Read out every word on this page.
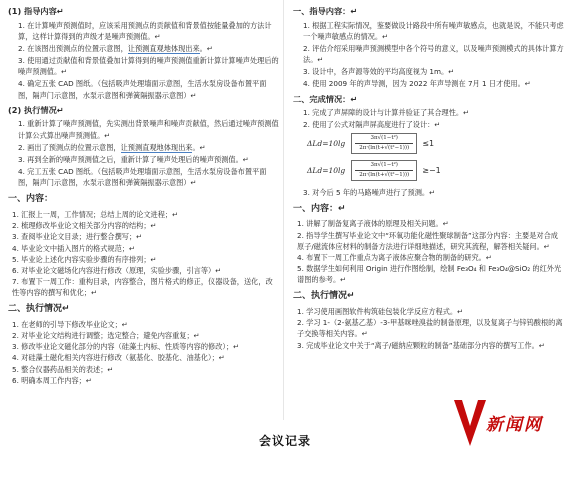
(1) 指导内容↵

1. 在计算噪声预测值时，应该采用预测点的贡献值和背景值按能量叠加的方法计算，这样计算得到的声级才是噪声预测值。↵

2. 在该图出预测点的位置示意图，让预测直观地体现出来。↵

3. 使用通过贡献值和背景值叠加计算得到的噪声预测值重新计算计算噪声处理后的噪声预测值。↵

4. 确定五张 CAD 图纸。（包括吸声处理墙面示意图，生活水泵房设备布置平面图，隔声门示意图，水泵示意图和弹簧隔振器示意图）↵

(2) 执行情况↵

1. 重新计算了噪声预测值，先实测出背景噪声和噪声贡献值，然后通过噪声预测值计算公式算出噪声预测值。↵

2. 画出了预测点的位置示意图，让预测直观地体现出来。↵

3. 再到全新的噪声预测值之后，重新计算了噪声处理后的噪声预测值。↵

4. 完工五张 CAD 图纸。（包括吸声处理墙面示意图，生活水泵房设备布置平面图，隔声门示意图，水泵示意图和弹簧隔振器示意图）↵

一、内容：

1. 汇报上一周，工作情况；总结上周的论文进程；↵

2. 梳理修改毕业论文相关部分内容的结构；↵

3. 查阅毕业论文目录；进行整合撰写；↵

4. 毕业论文中插入图片的格式规范；↵

5. 毕业论上述化内容实验步骤的有序排列；↵

6. 对毕业论文磁场化内容进行修改（原理，实验步骤，引言等）↵

7. 布置下一周工作：重构目录，内容整合，图片格式的修正，仪器设备，送化，改性等内容的撰写和优化；↵

二、执行情况↵

1. 在老师的引导下修改毕业论文；↵

2. 对毕业论文结构进行调整；选定整合；避免内容重复；↵

3. 修改毕业论文磁化部分的内容（硅藻土内标、性质等内容的修改）；↵

4. 对硅藻土磁化相关内容进行修改（氨基化、胶基化、油基化）；↵

5. 整合仪器药品相关的表述；↵

6. 明确本周工作内容；↵

一、指导内容：↵

1. 根据工程实际情况，鉴要做设计路段中所有噪声敏感点，也就是说，不能只考虑一个噪声敏感点的情况。↵

2. 评估介绍采用噪声预测模型中各个符号的意义，以及噪声预测模式的具体计算方法。↵

3. 设计中，各声源等效的平均高度视为 1m。↵

4. 使用 2009 年的声导测，因为 2022 年声导测在 7月 1 日才使用。↵

二、完成情况：↵

1. 完成了声屏障的设计与计算并验证了其合理性。↵

2. 使用了公式对隔声屏高度进行了设计：↵

ΔLd=10lg
3π√(1−t²)
2π·(ln(t+√(t²−1))) ≤1
ΔLd=10lg
3π√(1−t²)
2π·(ln(t+√(t²−1))) ≥−1

3. 对今后 5 年的马路噪声进行了预测。↵

一、内容：↵

1. 讲解了制备复离子液体的原理及相关问题。↵

2. 指导学生撰写毕业论文中“环氧功能化磁性聚球制备”这部分内容：主要是对合成原子/磁流体应材料的制备方法进行详细地描述，研究其流程，解答相关疑问。↵

4. 布置下一周工作重点为离子液体应聚合物的制备的研究。↵

5. 数据学生如何利用 Origin 进行作图绘制，绘制 Fe₃O₄ 和 Fe₃O₄@SiO₂ 的红外光谱图的参考。↵

二、执行情况↵

1. 学习使用画图软件构筑硅包装化学反应方程式。↵

2. 学习 1-（2-氨基乙基）-3-甲基咪唑溴盐的制备原理，以及复离子与锌钨酸根的离子交换等相关内容。↵

3. 完成毕业论文中关于“离子/磁纳应颗粒的制备”基础部分内容的撰写工作。↵

新闻网
会议记录
